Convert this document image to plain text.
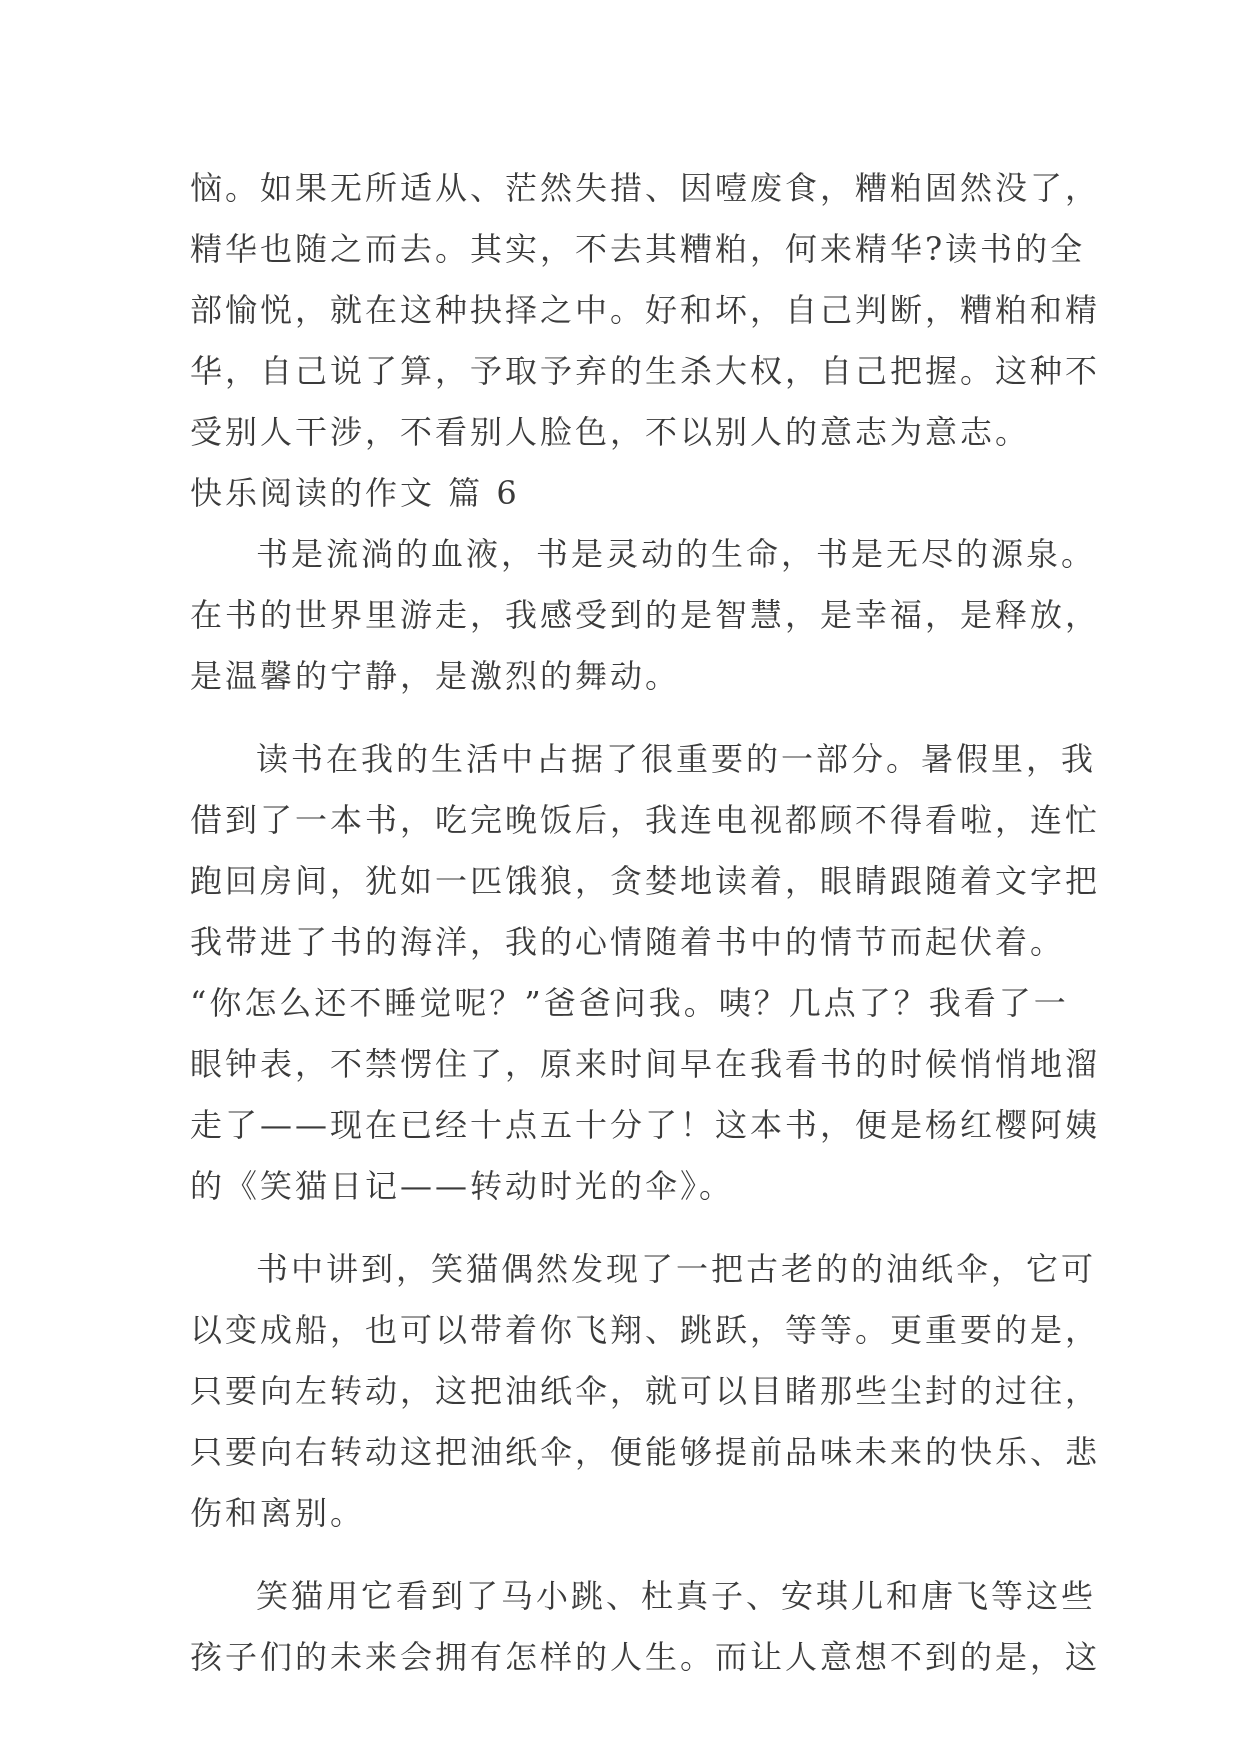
恼。如果无所适从、茫然失措、因噎废食，糟粕固然没了，

精华也随之而去。其实，不去其糟粕，何来精华?读书的全

部愉悦，就在这种抉择之中。好和坏，自己判断，糟粕和精

华，自己说了算，予取予弃的生杀大权，自己把握。这种不

受别人干涉，不看别人脸色，不以别人的意志为意志。

快乐阅读的作文 篇 6

书是流淌的血液，书是灵动的生命，书是无尽的源泉。

在书的世界里游走，我感受到的是智慧，是幸福，是释放，

是温馨的宁静，是激烈的舞动。

读书在我的生活中占据了很重要的一部分。暑假里，我

借到了一本书，吃完晚饭后，我连电视都顾不得看啦，连忙

跑回房间，犹如一匹饿狼，贪婪地读着，眼睛跟随着文字把

我带进了书的海洋，我的心情随着书中的情节而起伏着。

“你怎么还不睡觉呢？”爸爸问我。咦？几点了？我看了一

眼钟表，不禁愣住了，原来时间早在我看书的时候悄悄地溜

走了——现在已经十点五十分了！这本书，便是杨红樱阿姨

的《笑猫日记——转动时光的伞》。

书中讲到，笑猫偶然发现了一把古老的的油纸伞，它可

以变成船，也可以带着你飞翔、跳跃，等等。更重要的是，

只要向左转动，这把油纸伞，就可以目睹那些尘封的过往，

只要向右转动这把油纸伞，便能够提前品味未来的快乐、悲

伤和离别。

笑猫用它看到了马小跳、杜真子、安琪儿和唐飞等这些

孩子们的未来会拥有怎样的人生。而让人意想不到的是，这
